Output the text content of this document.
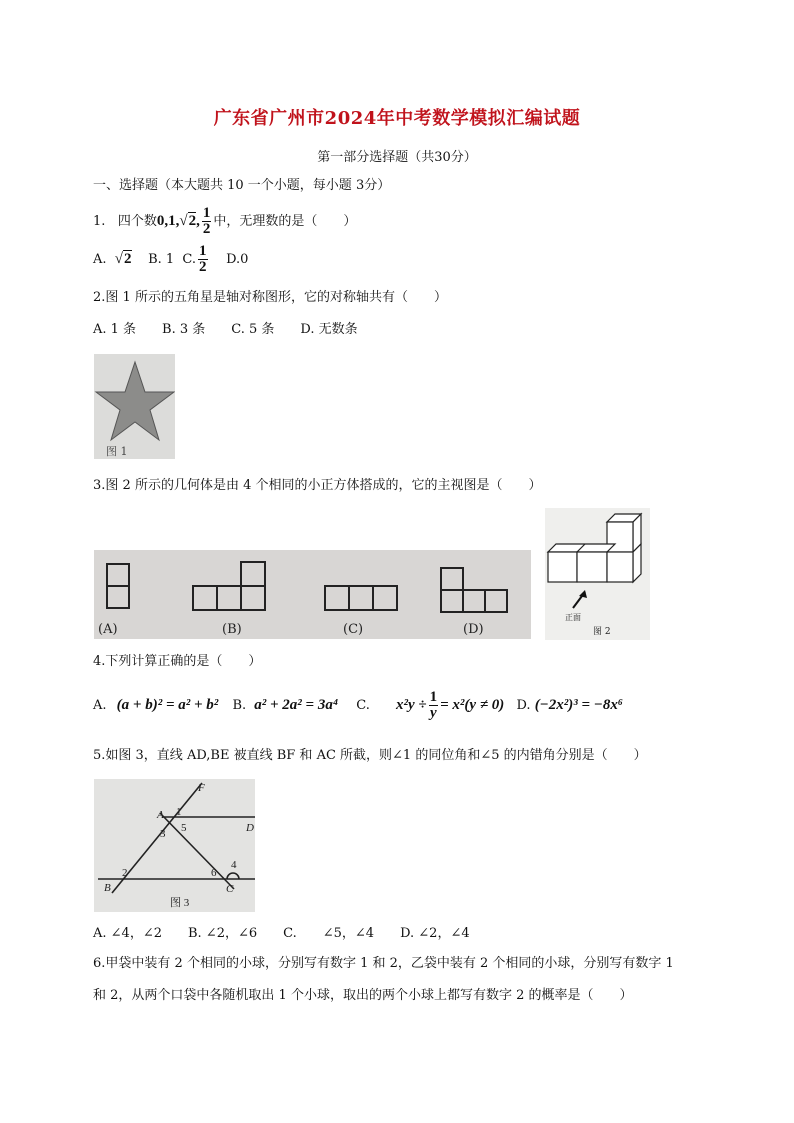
广东省广州市2024年中考数学模拟汇编试题
第一部分选择题（共30分）
一、选择题（本大题共 10 一个小题，每小题 3分）
1. 四个数0,1,√2, $\frac{1}{2}$ 中，无理数的是（　　）
A. √2 B. 1 C. $\frac{1}{2} D.0$
2.图 1 所示的五角星是轴对称图形，它的对称轴共有（　　）
A. 1 条　　B. 3 条　　C. 5 条　　D. 无数条
图 1
3.图 2 所示的几何体是由 4 个相同的小正方体搭成的，它的主视图是（　　）
(A)	(B)	(C)	(D)
正面
图 2
4.下列计算正确的是（　　）
A. (a + b)² = a² + b² B. a² + 2a² = 3a⁴ C. $x^2y \div \frac{1}{y} = x^2(y \ne 0)$ D. (−2x²)³ = −8x⁶
5.如图 3，直线 AD,BE 被直线 BF 和 AC 所截，则∠1 的同位角和∠5 的内错角分别是（　　）
F
A 1
D
3 5
4
2	6
B	C
图 3
A. ∠4，∠2　　B. ∠2，∠6　　C.　　∠5，∠4　　D. ∠2，∠4
6.甲袋中装有 2 个相同的小球，分别写有数字 1 和 2，乙袋中装有 2 个相同的小球，分别写有数字 1
和 2，从两个口袋中各随机取出 1 个小球，取出的两个小球上都写有数字 2 的概率是（　　）
